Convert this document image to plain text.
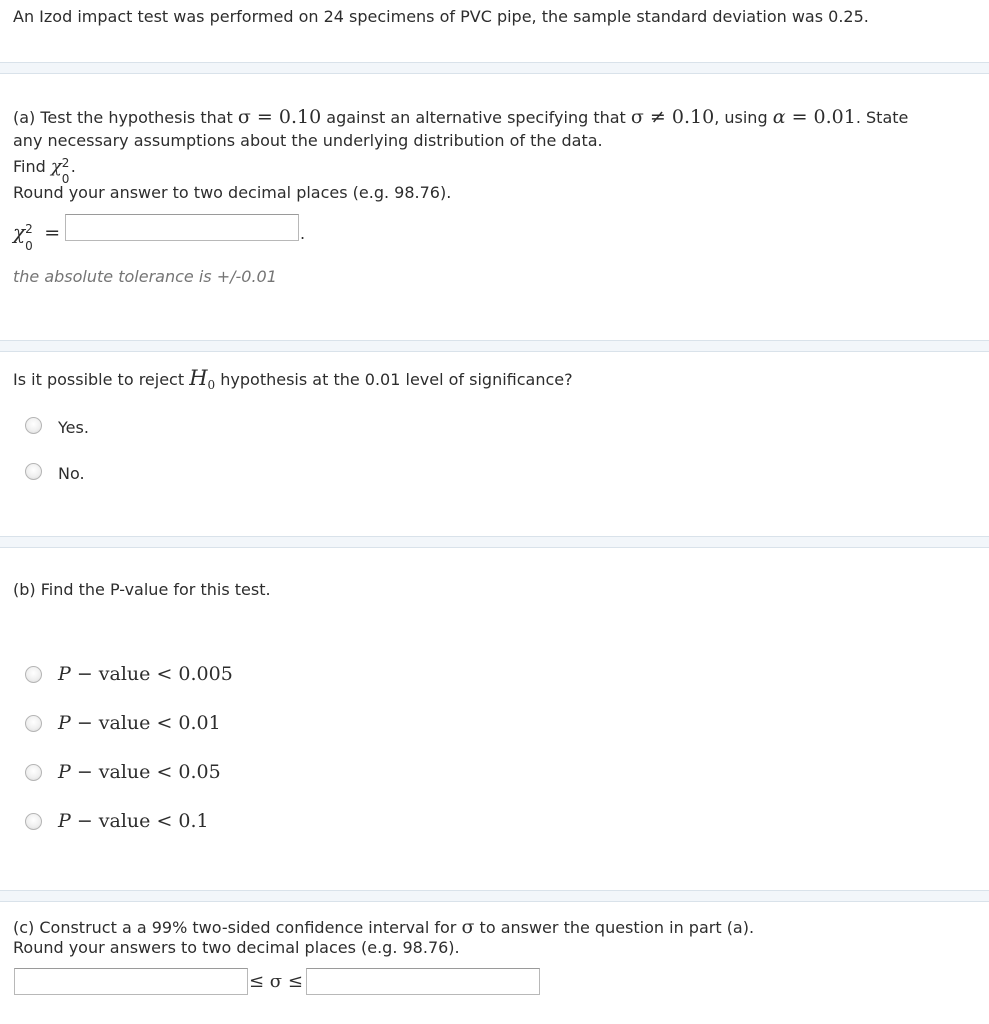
An Izod impact test was performed on 24 specimens of PVC pipe, the sample standard deviation was 0.25.
(a) Test the hypothesis that σ = 0.10 against an alternative specifying that σ ≠ 0.10, using α = 0.01. State
any necessary assumptions about the underlying distribution of the data.
Find χ 2
0
.
Round your answer to two decimal places (e.g. 98.76).
χ 2
0
=	.
the absolute tolerance is +/-0.01
Is it possible to reject $H_0$ hypothesis at the 0.01 level of significance?
Yes.
No.
(b) Find the P-value for this test.
P − value < 0.005
P − value < 0.01
P − value < 0.05
P − value < 0.1
(c) Construct a a 99% two-sided confidence interval for σ to answer the question in part (a).
Round your answers to two decimal places (e.g. 98.76).
≤ σ ≤
